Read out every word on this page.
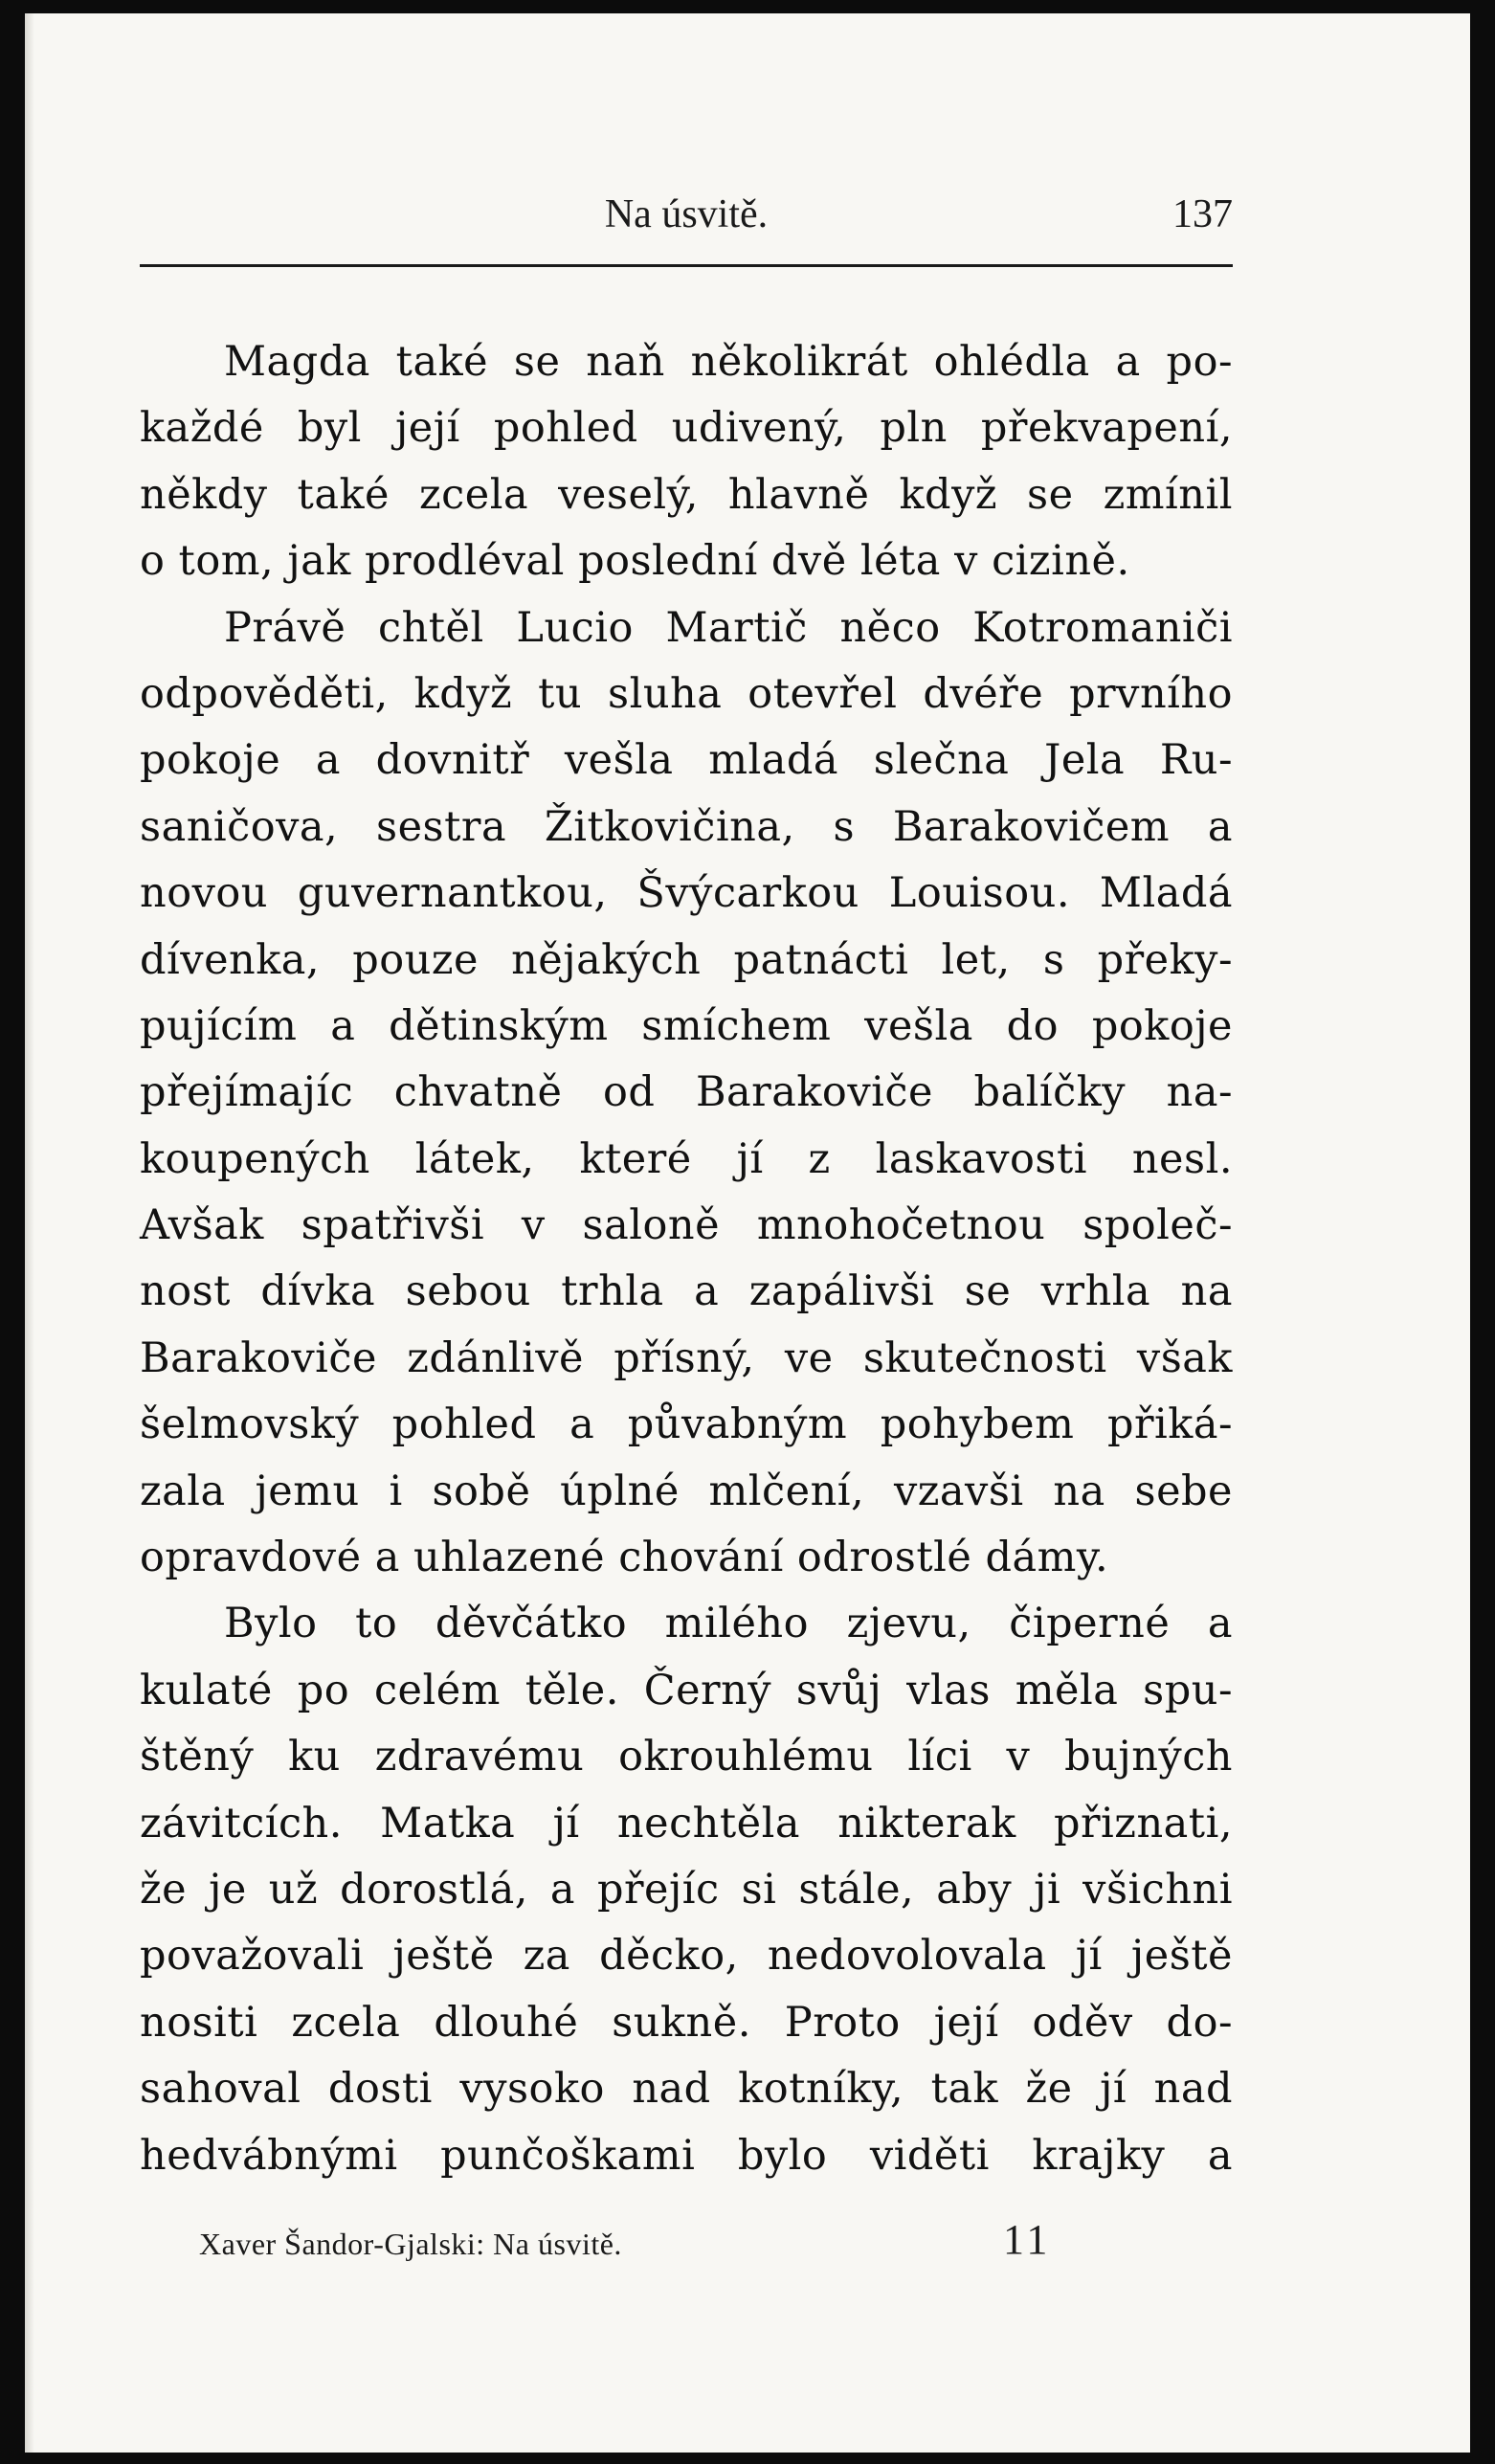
Na úsvitě.	137
Magda také se naň několikrát ohlédla a po-
každé byl její pohled udivený, pln překvapení,
někdy také zcela veselý, hlavně když se zmínil
o tom, jak prodléval poslední dvě léta v cizině.
Právě chtěl Lucio Martič něco Kotromaniči
odpověděti, když tu sluha otevřel dvéře prvního
pokoje a dovnitř vešla mladá slečna Jela Ru-
saničova, sestra Žitkovičina, s Barakovičem a
novou guvernantkou, Švýcarkou Louisou. Mladá
dívenka, pouze nějakých patnácti let, s překy-
pujícím a dětinským smíchem vešla do pokoje
přejímajíc chvatně od Barakoviče balíčky na-
koupených látek, které jí z laskavosti nesl.
Avšak spatřivši v saloně mnohočetnou společ-
nost dívka sebou trhla a zapálivši se vrhla na
Barakoviče zdánlivě přísný, ve skutečnosti však
šelmovský pohled a půvabným pohybem přiká-
zala jemu i sobě úplné mlčení, vzavši na sebe
opravdové a uhlazené chování odrostlé dámy.
Bylo to děvčátko milého zjevu, čiperné a
kulaté po celém těle. Černý svůj vlas měla spu-
štěný ku zdravému okrouhlému líci v bujných
závitcích. Matka jí nechtěla nikterak přiznati,
že je už dorostlá, a přejíc si stále, aby ji všichni
považovali ještě za děcko, nedovolovala jí ještě
nositi zcela dlouhé sukně. Proto její oděv do-
sahoval dosti vysoko nad kotníky, tak že jí nad
hedvábnými punčoškami bylo viděti krajky a
Xaver Šandor-Gjalski: Na úsvitě.	11
